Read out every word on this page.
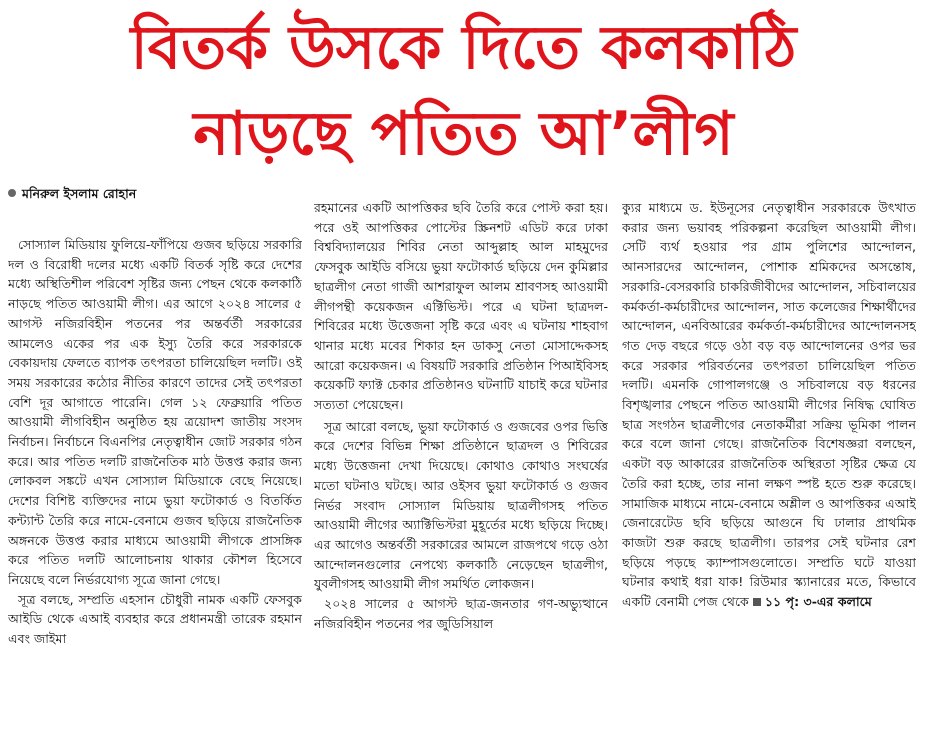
বিতর্ক উসকে দিতে কলকাঠি
নাড়ছে পতিত আ’লীগ
মনিরুল ইসলাম রোহান

সোস্যাল মিডিয়ায় ফুলিয়ে-ফাঁপিয়ে গুজব ছড়িয়ে সরকারি দল ও বিরোধী দলের মধ্যে একটি বিতর্ক সৃষ্টি করে দেশের মধ্যে অস্থিতিশীল পরিবেশ সৃষ্টির জন্য পেছন থেকে কলকাঠি নাড়ছে পতিত আওয়ামী লীগ। এর আগে ২০২৪ সালের ৫ আগস্ট নজিরবিহীন পতনের পর অন্তর্বর্তী সরকারের আমলেও একের পর এক ইস্যু তৈরি করে সরকারকে বেকায়দায় ফেলতে ব্যাপক তৎপরতা চালিয়েছিল দলটি। ওই সময় সরকারের কঠোর নীতির কারণে তাদের সেই তৎপরতা বেশি দূর আগাতে পারেনি। গেল ১২ ফেব্রুয়ারি পতিত আওয়ামী লীগবিহীন অনুষ্ঠিত হয় ত্রয়োদশ জাতীয় সংসদ নির্বাচন। নির্বাচনে বিএনপির নেতৃত্বাধীন জোট সরকার গঠন করে। আর পতিত দলটি রাজনৈতিক মাঠ উত্তপ্ত করার জন্য লোকবল সঙ্কটে এখন সোস্যাল মিডিয়াকে বেছে নিয়েছে। দেশের বিশিষ্ট ব্যক্তিদের নামে ভুয়া ফটোকার্ড ও বিতর্কিত কন্ট্যান্ট তৈরি করে নামে-বেনামে গুজব ছড়িয়ে রাজনৈতিক অঙ্গনকে উত্তপ্ত করার মাধ্যমে আওয়ামী লীগকে প্রাসঙ্গিক করে পতিত দলটি আলোচনায় থাকার কৌশল হিসেবে নিয়েছে বলে নির্ভরযোগ্য সূত্রে জানা গেছে।

সূত্র বলছে, সম্প্রতি এহসান চৌধুরী নামক একটি ফেসবুক আইডি থেকে এআই ব্যবহার করে প্রধানমন্ত্রী তারেক রহমান এবং জাইমা

রহমানের একটি আপত্তিকর ছবি তৈরি করে পোস্ট করা হয়। পরে ওই আপত্তিকর পোস্টের স্ক্রিনশট এডিট করে ঢাকা বিশ্ববিদ্যালয়ের শিবির নেতা আব্দুল্লাহ আল মাহমুদের ফেসবুক আইডি বসিয়ে ভুয়া ফটোকার্ড ছড়িয়ে দেন কুমিল্লার ছাত্রলীগ নেতা গাজী আশরাফুল আলম শ্রাবণসহ আওয়ামী লীগপন্থী কয়েকজন এক্টিভিস্ট। পরে এ ঘটনা ছাত্রদল-শিবিরের মধ্যে উত্তেজনা সৃষ্টি করে এবং এ ঘটনায় শাহবাগ থানার মধ্যে মবের শিকার হন ডাকসু নেতা মোসাদ্দেকসহ আরো কয়েকজন। এ বিষয়টি সরকারি প্রতিষ্ঠান পিআইবিসহ কয়েকটি ফ্যাক্ট চেকার প্রতিষ্ঠানও ঘটনাটি যাচাই করে ঘটনার সত্যতা পেয়েছেন।

সূত্র আরো বলছে, ভুয়া ফটোকার্ড ও গুজবের ওপর ভিত্তি করে দেশের বিভিন্ন শিক্ষা প্রতিষ্ঠানে ছাত্রদল ও শিবিরের মধ্যে উত্তেজনা দেখা দিয়েছে। কোথাও কোথাও সংঘর্ষের মতো ঘটনাও ঘটছে। আর ওইসব ভুয়া ফটোকার্ড ও গুজব নির্ভর সংবাদ সোস্যাল মিডিয়ায় ছাত্রলীগসহ পতিত আওয়ামী লীগের অ্যাক্টিভিস্টরা মুহূর্তের মধ্যে ছড়িয়ে দিচ্ছে। এর আগেও অন্তর্বর্তী সরকারের আমলে রাজপথে গড়ে ওঠা আন্দোলনগুলোর নেপথ্যে কলকাঠি নেড়েছেন ছাত্রলীগ, যুবলীগসহ আওয়ামী লীগ সমর্থিত লোকজন।

২০২৪ সালের ৫ আগস্ট ছাত্র-জনতার গণ-অভ্যুত্থানে নজিরবিহীন পতনের পর জুডিসিয়াল

ক্যুর মাধ্যমে ড. ইউনূসের নেতৃত্বাধীন সরকারকে উৎখাত করার জন্য ভয়াবহ পরিকল্পনা করেছিল আওয়ামী লীগ। সেটি ব্যর্থ হওয়ার পর গ্রাম পুলিশের আন্দোলন, আনসারদের আন্দোলন, পোশাক শ্রমিকদের অসন্তোষ, সরকারি-বেসরকারি চাকরিজীবীদের আন্দোলন, সচিবালয়ের কর্মকর্তা-কর্মচারীদের আন্দোলন, সাত কলেজের শিক্ষার্থীদের আন্দোলন, এনবিআরের কর্মকর্তা-কর্মচারীদের আন্দোলনসহ গত দেড় বছরে গড়ে ওঠা বড় বড় আন্দোলনের ওপর ভর করে সরকার পরিবর্তনের তৎপরতা চালিয়েছিল পতিত দলটি। এমনকি গোপালগঞ্জে ও সচিবালয়ে বড় ধরনের বিশৃঙ্খলার পেছনে পতিত আওয়ামী লীগের নিষিদ্ধ ঘোষিত ছাত্র সংগঠন ছাত্রলীগের নেতাকর্মীরা সক্রিয় ভূমিকা পালন করে বলে জানা গেছে। রাজনৈতিক বিশেষজ্ঞরা বলছেন, একটা বড় আকারের রাজনৈতিক অস্থিরতা সৃষ্টির ক্ষেত্র যে তৈরি করা হচ্ছে, তার নানা লক্ষণ স্পষ্ট হতে শুরু করেছে। সামাজিক মাধ্যমে নামে-বেনামে অশ্লীল ও আপত্তিকর এআই জেনারেটেড ছবি ছড়িয়ে আগুনে ঘি ঢালার প্রাথমিক কাজটা শুরু করছে ছাত্রলীগ। তারপর সেই ঘটনার রেশ ছড়িয়ে পড়ছে ক্যাম্পাসগুলোতে। সম্প্রতি ঘটে যাওয়া ঘটনার কথাই ধরা যাক! রিউমার স্ক্যানারের মতে, কিভাবে একটি বেনামী পেজ থেকে ১১ পৃ: ৩-এর কলামে
